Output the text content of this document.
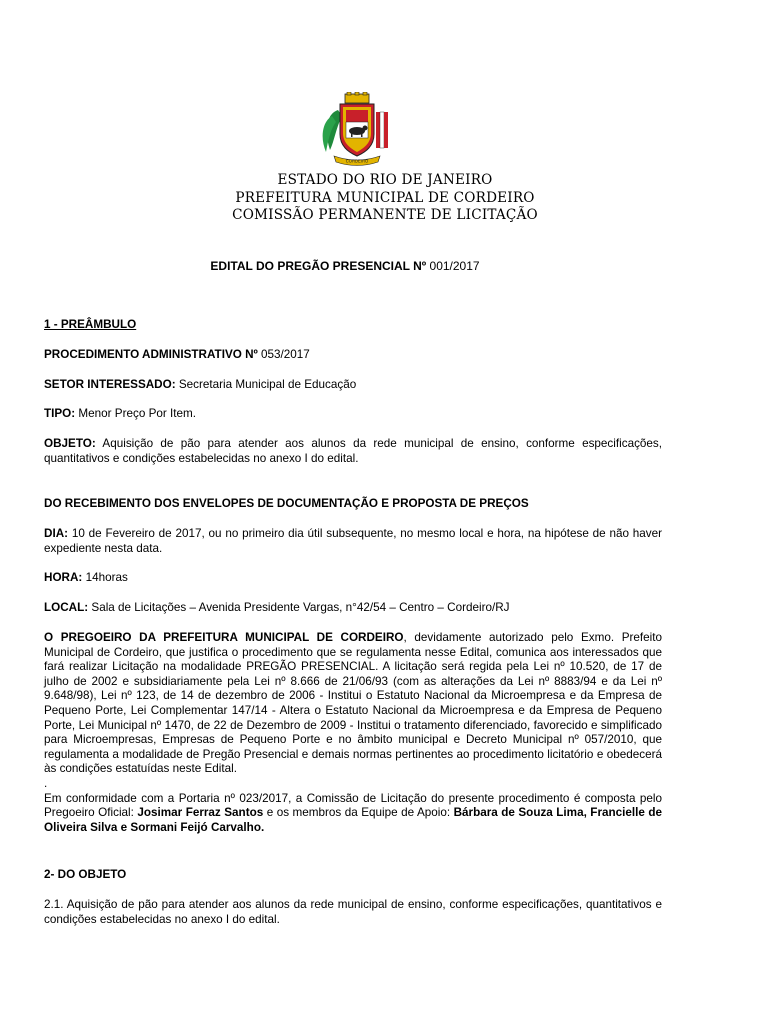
CORDEIRO
ESTADO DO RIO DE JANEIRO
PREFEITURA MUNICIPAL DE CORDEIRO
COMISSÃO PERMANENTE DE LICITAÇÃO
EDITAL DO PREGÃO PRESENCIAL Nº 001/2017
1 - PREÂMBULO
PROCEDIMENTO ADMINISTRATIVO Nº 053/2017
SETOR INTERESSADO: Secretaria Municipal de Educação
TIPO: Menor Preço Por Item.
OBJETO: Aquisição de pão para atender aos alunos da rede municipal de ensino, conforme especificações, quantitativos e condições estabelecidas no anexo I do edital.
DO RECEBIMENTO DOS ENVELOPES DE DOCUMENTAÇÃO E PROPOSTA DE PREÇOS
DIA: 10 de Fevereiro de 2017, ou no primeiro dia útil subsequente, no mesmo local e hora, na hipótese de não haver expediente nesta data.
HORA: 14horas
LOCAL: Sala de Licitações – Avenida Presidente Vargas, n°42/54 – Centro – Cordeiro/RJ
O PREGOEIRO DA PREFEITURA MUNICIPAL DE CORDEIRO, devidamente autorizado pelo Exmo. Prefeito Municipal de Cordeiro, que justifica o procedimento que se regulamenta nesse Edital, comunica aos interessados que fará realizar Licitação na modalidade PREGÃO PRESENCIAL. A licitação será regida pela Lei nº 10.520, de 17 de julho de 2002 e subsidiariamente pela Lei nº 8.666 de 21/06/93 (com as alterações da Lei nº 8883/94 e da Lei nº 9.648/98), Lei nº 123, de 14 de dezembro de 2006 - Institui o Estatuto Nacional da Microempresa e da Empresa de Pequeno Porte, Lei Complementar 147/14 - Altera o Estatuto Nacional da Microempresa e da Empresa de Pequeno Porte, Lei Municipal nº 1470, de 22 de Dezembro de 2009 - Institui o tratamento diferenciado, favorecido e simplificado para Microempresas, Empresas de Pequeno Porte e no âmbito municipal e Decreto Municipal nº 057/2010, que regulamenta a modalidade de Pregão Presencial e demais normas pertinentes ao procedimento licitatório e obedecerá às condições estatuídas neste Edital.
.
Em conformidade com a Portaria nº 023/2017, a Comissão de Licitação do presente procedimento é composta pelo Pregoeiro Oficial: Josimar Ferraz Santos e os membros da Equipe de Apoio: Bárbara de Souza Lima, Francielle de Oliveira Silva e Sormani Feijó Carvalho.
2- DO OBJETO
2.1. Aquisição de pão para atender aos alunos da rede municipal de ensino, conforme especificações, quantitativos e condições estabelecidas no anexo I do edital.
